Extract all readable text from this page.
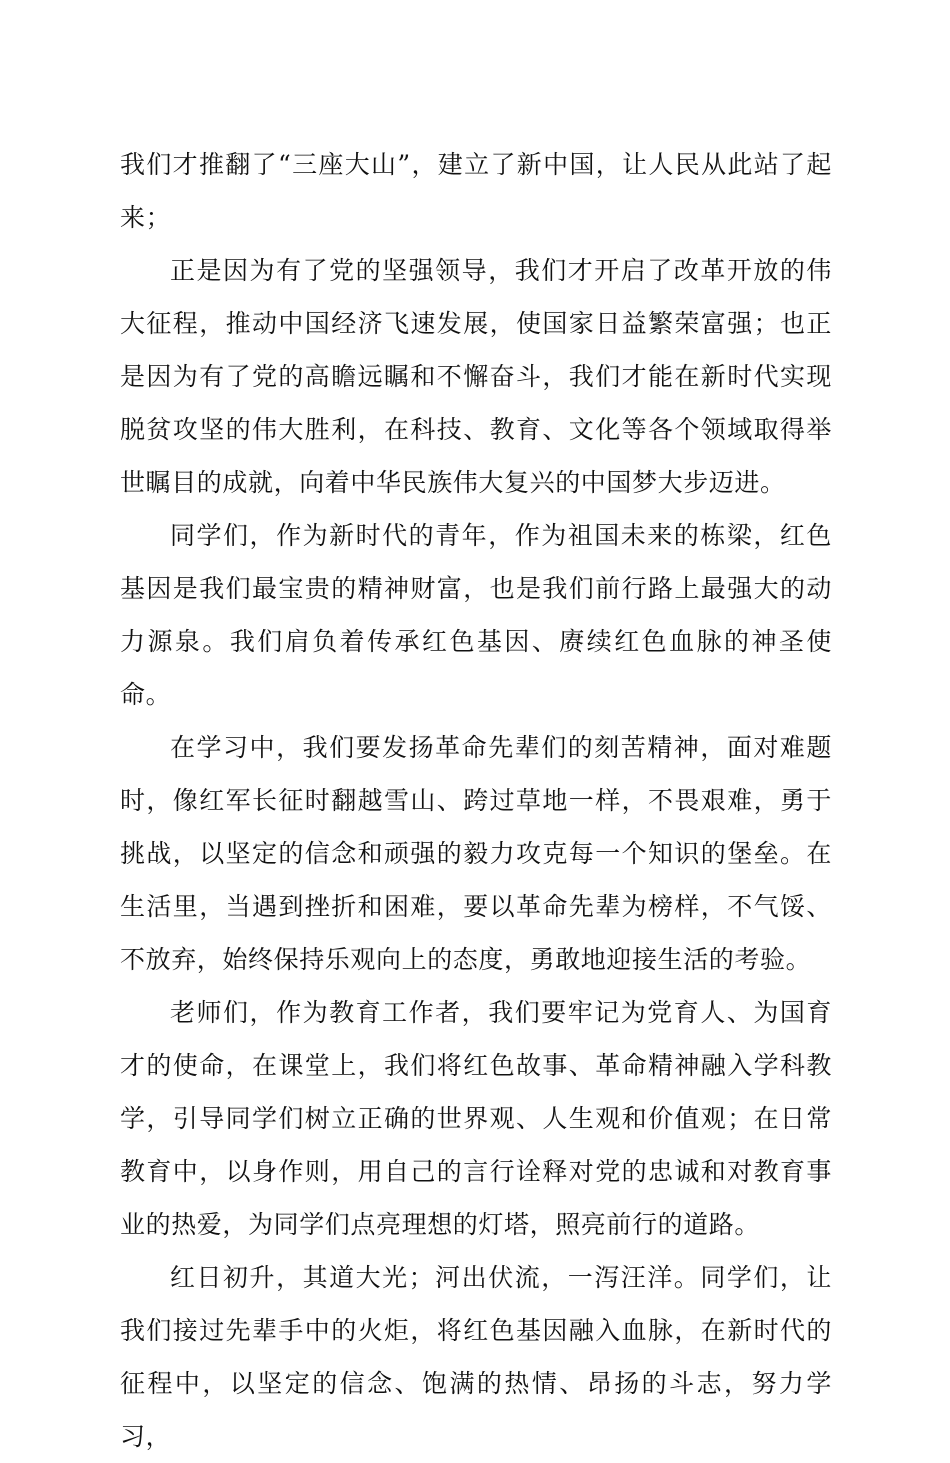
我们才推翻了“三座大山”，建立了新中国，让人民从此站了起来；

正是因为有了党的坚强领导，我们才开启了改革开放的伟大征程，推动中国经济飞速发展，使国家日益繁荣富强；也正是因为有了党的高瞻远瞩和不懈奋斗，我们才能在新时代实现脱贫攻坚的伟大胜利，在科技、教育、文化等各个领域取得举世瞩目的成就，向着中华民族伟大复兴的中国梦大步迈进。

同学们，作为新时代的青年，作为祖国未来的栋梁，红色基因是我们最宝贵的精神财富，也是我们前行路上最强大的动力源泉。我们肩负着传承红色基因、赓续红色血脉的神圣使命。

在学习中，我们要发扬革命先辈们的刻苦精神，面对难题时，像红军长征时翻越雪山、跨过草地一样，不畏艰难，勇于挑战，以坚定的信念和顽强的毅力攻克每一个知识的堡垒。在生活里，当遇到挫折和困难，要以革命先辈为榜样，不气馁、不放弃，始终保持乐观向上的态度，勇敢地迎接生活的考验。

老师们，作为教育工作者，我们要牢记为党育人、为国育才的使命，在课堂上，我们将红色故事、革命精神融入学科教学，引导同学们树立正确的世界观、人生观和价值观；在日常教育中，以身作则，用自己的言行诠释对党的忠诚和对教育事业的热爱，为同学们点亮理想的灯塔，照亮前行的道路。

红日初升，其道大光；河出伏流，一泻汪洋。同学们，让我们接过先辈手中的火炬，将红色基因融入血脉，在新时代的征程中，以坚定的信念、饱满的热情、昂扬的斗志，努力学习，
